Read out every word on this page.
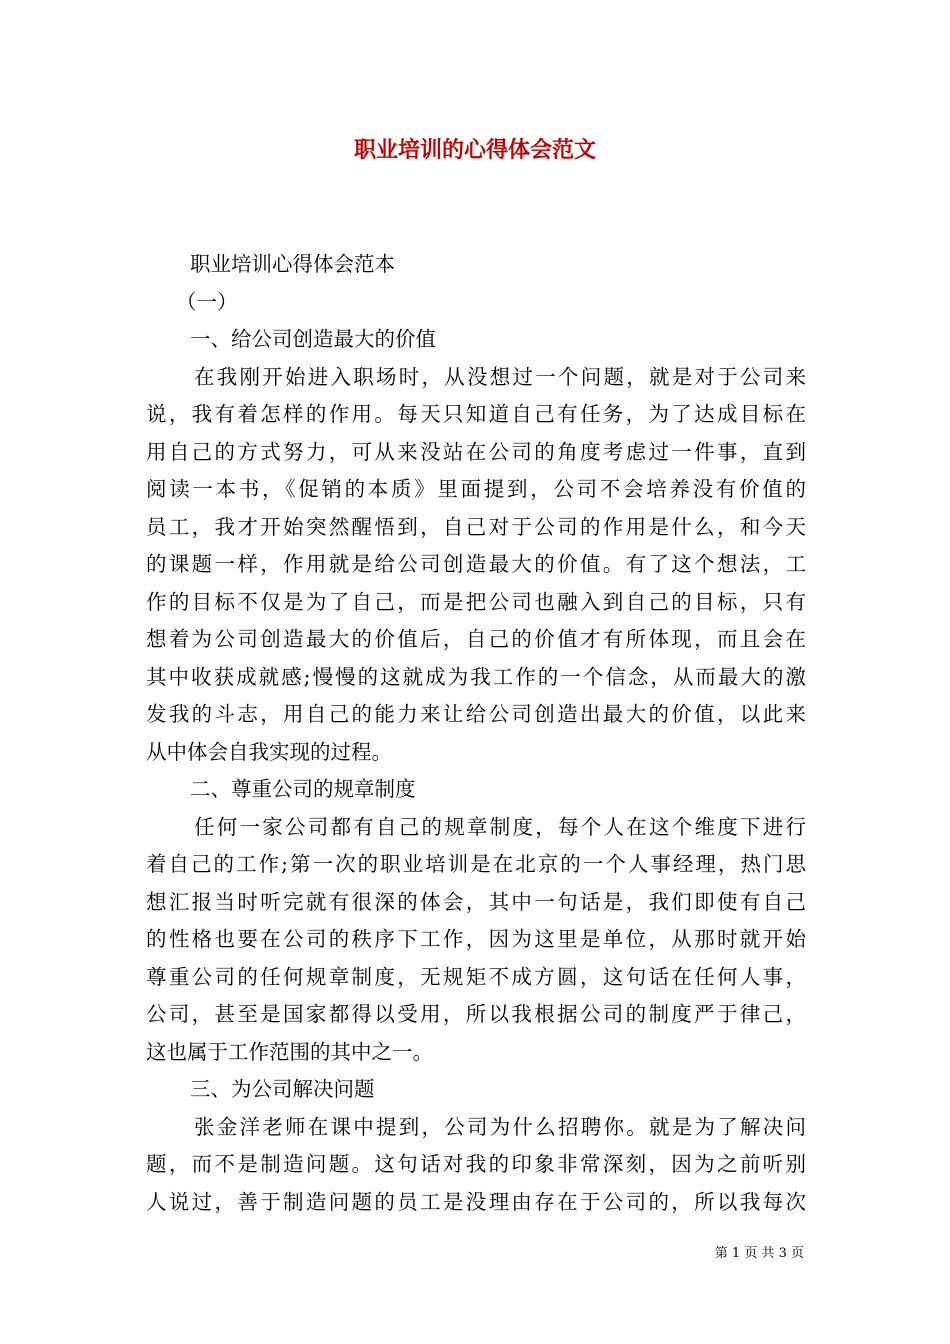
职业培训的心得体会范文

职业培训心得体会范本

（一）

一、给公司创造最大的价值

在我刚开始进入职场时，从没想过一个问题，就是对于公司来

说，我有着怎样的作用。每天只知道自己有任务，为了达成目标在

用自己的方式努力，可从来没站在公司的角度考虑过一件事，直到

阅读一本书，《促销的本质》里面提到，公司不会培养没有价值的

员工，我才开始突然醒悟到，自己对于公司的作用是什么，和今天

的课题一样，作用就是给公司创造最大的价值。有了这个想法，工

作的目标不仅是为了自己，而是把公司也融入到自己的目标，只有

想着为公司创造最大的价值后，自己的价值才有所体现，而且会在

其中收获成就感;慢慢的这就成为我工作的一个信念，从而最大的激

发我的斗志，用自己的能力来让给公司创造出最大的价值，以此来

从中体会自我实现的过程。

二、尊重公司的规章制度

任何一家公司都有自己的规章制度，每个人在这个维度下进行

着自己的工作;第一次的职业培训是在北京的一个人事经理，热门思

想汇报当时听完就有很深的体会，其中一句话是，我们即使有自己

的性格也要在公司的秩序下工作，因为这里是单位，从那时就开始

尊重公司的任何规章制度，无规矩不成方圆，这句话在任何人事，

公司，甚至是国家都得以受用，所以我根据公司的制度严于律己，

这也属于工作范围的其中之一。

三、为公司解决问题

张金洋老师在课中提到，公司为什么招聘你。就是为了解决问

题，而不是制造问题。这句话对我的印象非常深刻，因为之前听别

人说过，善于制造问题的员工是没理由存在于公司的，所以我每次

第 1 页 共 3 页
